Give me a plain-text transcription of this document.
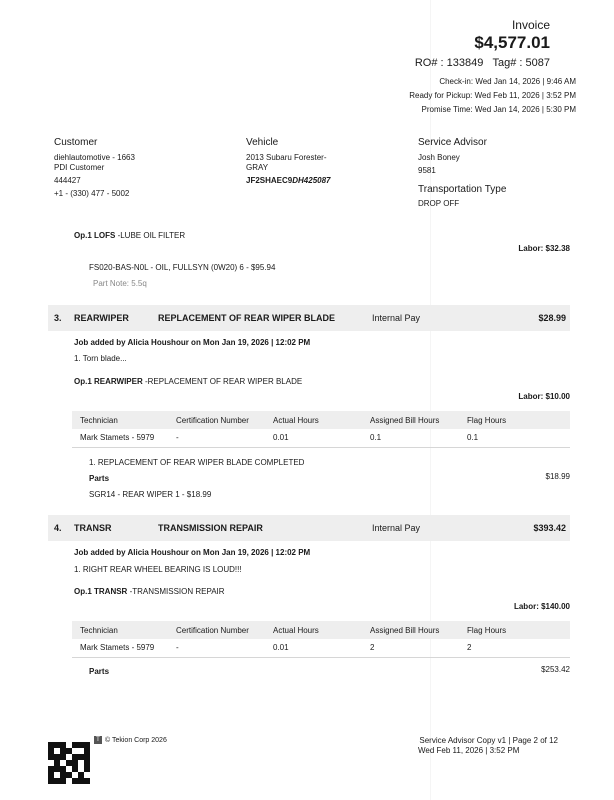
Invoice
$4,577.01
RO# : 133849 Tag# : 5087
Check-in: Wed Jan 14, 2026 | 9:46 AM
Ready for Pickup: Wed Feb 11, 2026 | 3:52 PM
Promise Time: Wed Jan 14, 2026 | 5:30 PM
Customer
diehlautomotive - 1663
PDI Customer
444427
+1 - (330) 477 - 5002
Vehicle
2013 Subaru Forester-
GRAY
JF2SHAEC9DH425087
Service Advisor
Josh Boney
9581
Transportation Type
DROP OFF
Op.1 LOFS -LUBE OIL FILTER
Labor: $32.38
FS020-BAS-N0L - OIL, FULLSYN (0W20) 6 - $95.94
Part Note: 5.5q
3. REARWIPER	REPLACEMENT OF REAR WIPER BLADE	Internal Pay	$28.99
Job added by Alicia Houshour on Mon Jan 19, 2026 | 12:02 PM
1. Torn blade...
Op.1 REARWIPER -REPLACEMENT OF REAR WIPER BLADE
Labor: $10.00
Technician	Certification Number	Actual Hours	Assigned Bill Hours	Flag Hours
Mark Stamets - 5979	-	0.01	0.1	0.1
1. REPLACEMENT OF REAR WIPER BLADE COMPLETED
Parts	$18.99
SGR14 - REAR WIPER 1 - $18.99
4. TRANSR	TRANSMISSION REPAIR	Internal Pay	$393.42
Job added by Alicia Houshour on Mon Jan 19, 2026 | 12:02 PM
1. RIGHT REAR WHEEL BEARING IS LOUD!!!
Op.1 TRANSR -TRANSMISSION REPAIR
Labor: $140.00
Technician	Certification Number	Actual Hours	Assigned Bill Hours	Flag Hours
Mark Stamets - 5979	-	0.01	2	2
Parts	$253.42
T © Tekion Corp 2026	Service Advisor Copy v1 | Page 2 of 12
Wed Feb 11, 2026 | 3:52 PM
